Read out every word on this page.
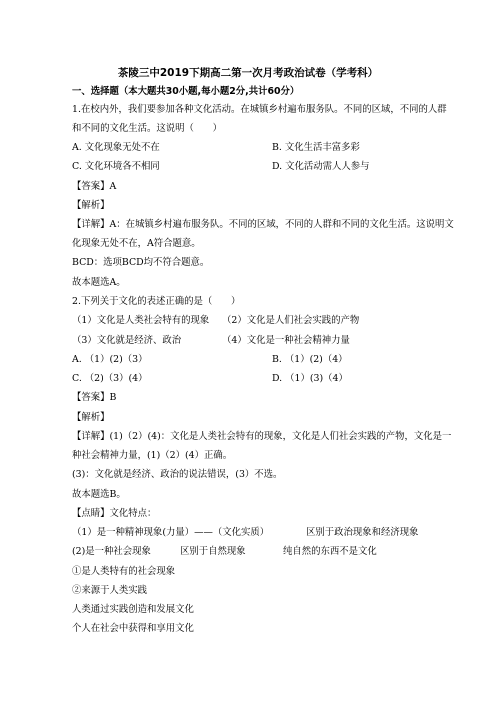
茶陵三中2019下期高二第一次月考政治试卷（学考科）
一、选择题（本大题共30小题,每小题2分,共计60分）
1.在校内外，我们要参加各种文化活动。在城镇乡村遍布服务队。不同的区域，不同的人群
和不同的文化生活。这说明（　　）
A. 文化现象无处不在	B. 文化生活丰富多彩
C. 文化环境各不相同	D. 文化活动需人人参与
【答案】A
【解析】
【详解】A：在城镇乡村遍布服务队。不同的区域，不同的人群和不同的文化生活。这说明文
化现象无处不在，A符合题意。
BCD：选项BCD均不符合题意。
故本题选A。
2.下列关于文化的表述正确的是（　　）
（1）文化是人类社会特有的现象 （2）文化是人们社会实践的产物
（3）文化就是经济、政治	（4）文化是一种社会精神力量
A. （1）(2)（3）	B. （1）(2)（4）
C. （2)（3）(4）	D. （1）(3)（4）
【答案】B
【解析】
【详解】(1)（2）(4)：文化是人类社会特有的现象，文化是人们社会实践的产物，文化是一
种社会精神力量，(1)（2）(4）正确。
(3)：文化就是经济、政治的说法错误，(3）不选。
故本题选B。
【点睛】文化特点：
（1）是一种精神现象(力量）——（文化实质）	区别于政治现象和经济现象
(2)是一种社会现象	区别于自然现象	纯自然的东西不是文化
①是人类特有的社会现象
②来源于人类实践
人类通过实践创造和发展文化
个人在社会中获得和享用文化
